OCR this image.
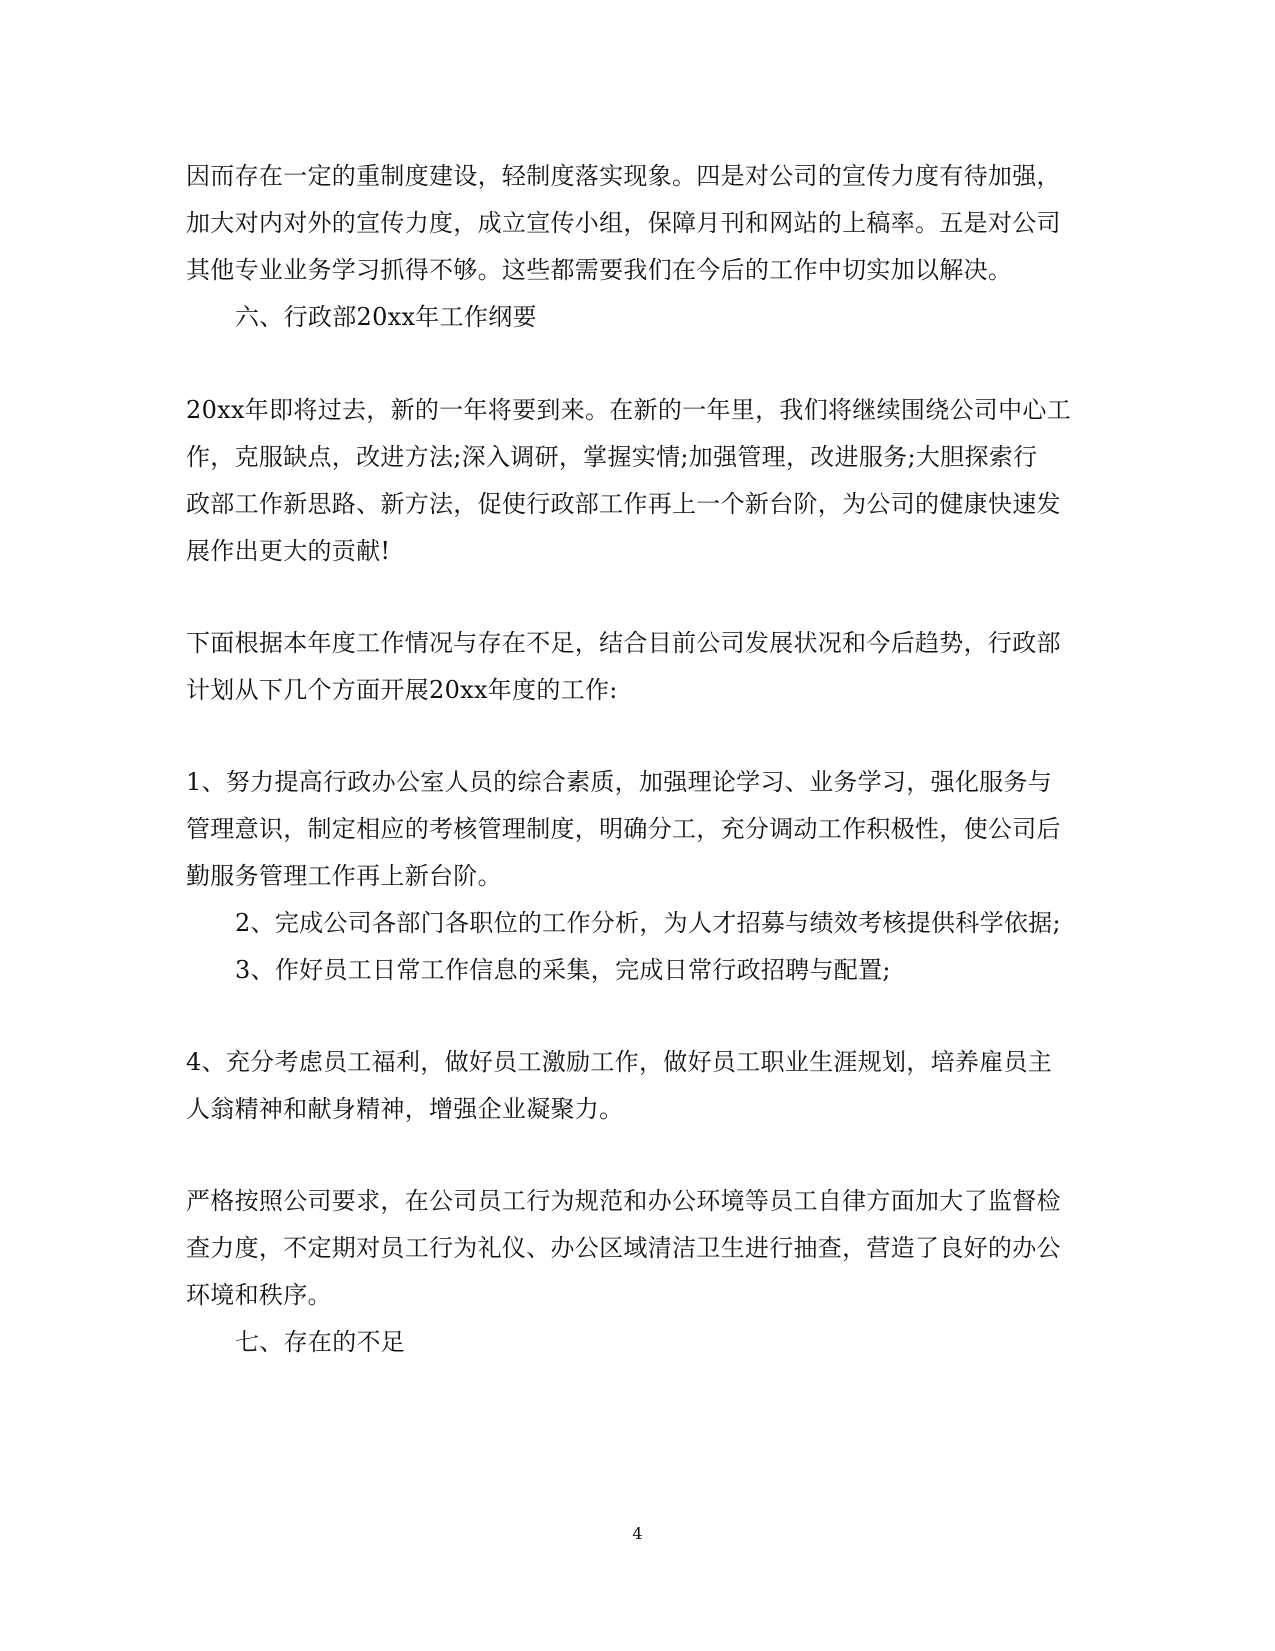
因而存在一定的重制度建设，轻制度落实现象。四是对公司的宣传力度有待加强，
加大对内对外的宣传力度，成立宣传小组，保障月刊和网站的上稿率。五是对公司
其他专业业务学习抓得不够。这些都需要我们在今后的工作中切实加以解决。
六、行政部20xx年工作纲要
20xx年即将过去，新的一年将要到来。在新的一年里，我们将继续围绕公司中心工
作，克服缺点，改进方法;深入调研，掌握实情;加强管理，改进服务;大胆探索行
政部工作新思路、新方法，促使行政部工作再上一个新台阶，为公司的健康快速发
展作出更大的贡献!
下面根据本年度工作情况与存在不足，结合目前公司发展状况和今后趋势，行政部
计划从下几个方面开展20xx年度的工作:
1、努力提高行政办公室人员的综合素质，加强理论学习、业务学习，强化服务与
管理意识，制定相应的考核管理制度，明确分工，充分调动工作积极性，使公司后
勤服务管理工作再上新台阶。
2、完成公司各部门各职位的工作分析，为人才招募与绩效考核提供科学依据;
3、作好员工日常工作信息的采集，完成日常行政招聘与配置;
4、充分考虑员工福利，做好员工激励工作，做好员工职业生涯规划，培养雇员主
人翁精神和献身精神，增强企业凝聚力。
严格按照公司要求，在公司员工行为规范和办公环境等员工自律方面加大了监督检
查力度，不定期对员工行为礼仪、办公区域清洁卫生进行抽查，营造了良好的办公
环境和秩序。
七、存在的不足
4
